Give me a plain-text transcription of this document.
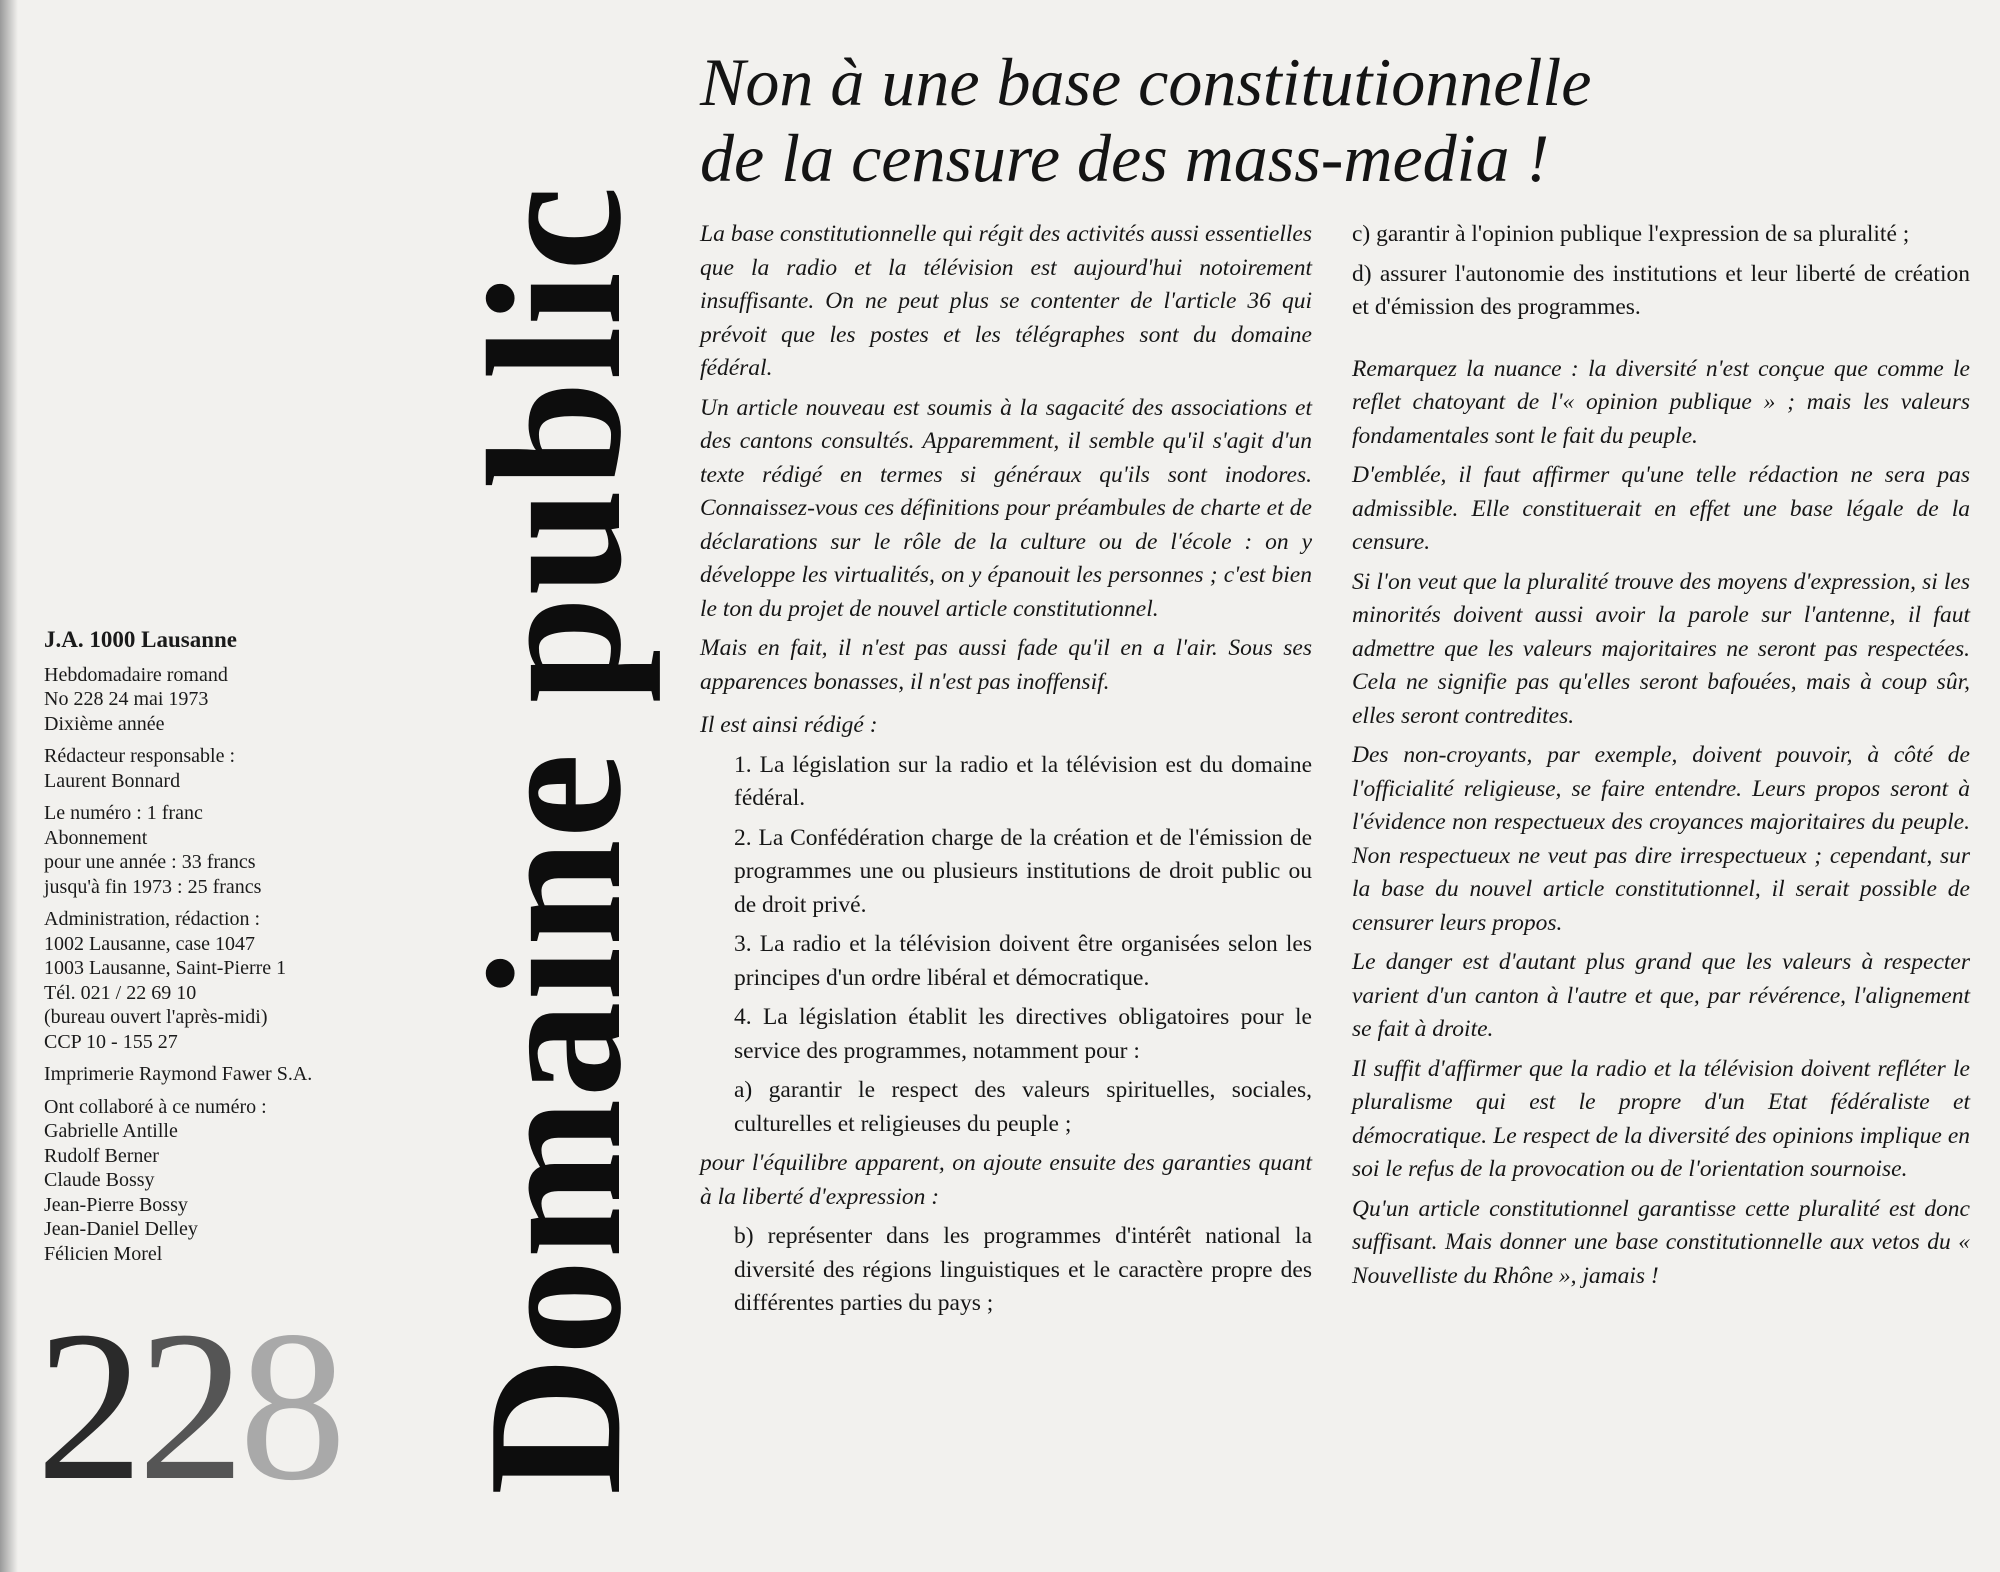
J.A. 1000 Lausanne
Hebdomadaire romand
No 228 24 mai 1973
Dixième année
Rédacteur responsable :
Laurent Bonnard
Le numéro : 1 franc
Abonnement
pour une année : 33 francs
jusqu'à fin 1973 : 25 francs
Administration, rédaction :
1002 Lausanne, case 1047
1003 Lausanne, Saint-Pierre 1
Tél. 021 / 22 69 10
(bureau ouvert l'après-midi)
CCP 10 - 155 27
Imprimerie Raymond Fawer S.A.
Ont collaboré à ce numéro :
Gabrielle Antille
Rudolf Berner
Claude Bossy
Jean-Pierre Bossy
Jean-Daniel Delley
Félicien Morel
228 Domaine public
Non à une base constitutionnelle
de la censure des mass-media !

La base constitutionnelle qui régit des activités aussi essentielles que la radio et la télévision est aujourd'hui notoirement insuffisante. On ne peut plus se contenter de l'article 36 qui prévoit que les postes et les télégraphes sont du domaine fédéral.

Un article nouveau est soumis à la sagacité des associations et des cantons consultés. Apparemment, il semble qu'il s'agit d'un texte rédigé en termes si généraux qu'ils sont inodores. Connaissez-vous ces définitions pour préambules de charte et de déclarations sur le rôle de la culture ou de l'école : on y développe les virtualités, on y épanouit les personnes ; c'est bien le ton du projet de nouvel article constitutionnel.

Mais en fait, il n'est pas aussi fade qu'il en a l'air. Sous ses apparences bonasses, il n'est pas inoffensif.

Il est ainsi rédigé :

1. La législation sur la radio et la télévision est du domaine fédéral.

2. La Confédération charge de la création et de l'émission de programmes une ou plusieurs institutions de droit public ou de droit privé.

3. La radio et la télévision doivent être organisées selon les principes d'un ordre libéral et démocratique.

4. La législation établit les directives obligatoires pour le service des programmes, notamment pour :

a) garantir le respect des valeurs spirituelles, sociales, culturelles et religieuses du peuple ;

pour l'équilibre apparent, on ajoute ensuite des garanties quant à la liberté d'expression :

b) représenter dans les programmes d'intérêt national la diversité des régions linguistiques et le caractère propre des différentes parties du pays ;

c) garantir à l'opinion publique l'expression de sa pluralité ;

d) assurer l'autonomie des institutions et leur liberté de création et d'émission des programmes.

Remarquez la nuance : la diversité n'est conçue que comme le reflet chatoyant de l'« opinion publique » ; mais les valeurs fondamentales sont le fait du peuple.

D'emblée, il faut affirmer qu'une telle rédaction ne sera pas admissible. Elle constituerait en effet une base légale de la censure.

Si l'on veut que la pluralité trouve des moyens d'expression, si les minorités doivent aussi avoir la parole sur l'antenne, il faut admettre que les valeurs majoritaires ne seront pas respectées. Cela ne signifie pas qu'elles seront bafouées, mais à coup sûr, elles seront contredites.

Des non-croyants, par exemple, doivent pouvoir, à côté de l'officialité religieuse, se faire entendre. Leurs propos seront à l'évidence non respectueux des croyances majoritaires du peuple. Non respectueux ne veut pas dire irrespectueux ; cependant, sur la base du nouvel article constitutionnel, il serait possible de censurer leurs propos.

Le danger est d'autant plus grand que les valeurs à respecter varient d'un canton à l'autre et que, par révérence, l'alignement se fait à droite.

Il suffit d'affirmer que la radio et la télévision doivent refléter le pluralisme qui est le propre d'un Etat fédéraliste et démocratique. Le respect de la diversité des opinions implique en soi le refus de la provocation ou de l'orientation sournoise.

Qu'un article constitutionnel garantisse cette pluralité est donc suffisant. Mais donner une base constitutionnelle aux vetos du « Nouvelliste du Rhône », jamais !
